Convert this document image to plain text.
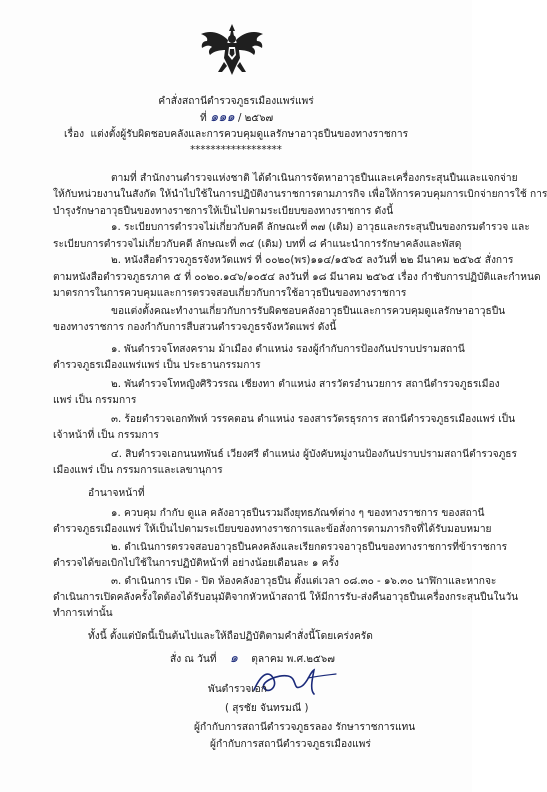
คำสั่งสถานีตำรวจภูธรเมืองแพร่แพร่
ที่ ๑๑๑ / ๒๕๖๗
เรื่อง แต่งตั้งผู้รับผิดชอบคลังและการควบคุมดูแลรักษาอาวุธปืนของทางราชการ
******************
ตามที่ สำนักงานตำรวจแห่งชาติ ได้ดำเนินการจัดหาอาวุธปืนและเครื่องกระสุนปืนและแจกจ่าย
ให้กับหน่วยงานในสังกัด ให้นำไปใช้ในการปฏิบัติงานราชการตามภารกิจ เพื่อให้การควบคุมการเบิกจ่ายการใช้ การ
บำรุงรักษาอาวุธปืนของทางราชการให้เป็นไปตามระเบียบของทางราชการ ดังนี้
๑. ระเบียบการตำรวจไม่เกี่ยวกับคดี ลักษณะที่ ๓๗ (เดิม) อาวุธและกระสุนปืนของกรมตำรวจ และ
ระเบียบการตำรวจไม่เกี่ยวกับคดี ลักษณะที่ ๓๔ (เดิม) บทที่ ๘ คำแนะนำการรักษาคลังและพัสดุ
๒. หนังสือตำรวจภูธรจังหวัดแพร่ ที่ ๐๐๒๐(พร)๑๑๔/๑๕๖๕ ลงวันที่ ๒๒ มีนาคม ๒๕๖๕ สั่งการ
ตามหนังสือตำรวจภูธรภาค ๕ ที่ ๐๐๒๐.๑๔๖/๑๐๕๔ ลงวันที่ ๑๘ มีนาคม ๒๕๖๕ เรื่อง กำชับการปฏิบัติและกำหนด
มาตรการในการควบคุมและการตรวจสอบเกี่ยวกับการใช้อาวุธปืนของทางราชการ
ขอแต่งตั้งคณะทำงานเกี่ยวกับการรับผิดชอบคลังอาวุธปืนและการควบคุมดูแลรักษาอาวุธปืน
ของทางราชการ กองกำกับการสืบสวนตำรวจภูธรจังหวัดแพร่ ดังนี้
๑. พันตำรวจโทสงคราม ม้าเมือง ตำแหน่ง รองผู้กำกับการป้องกันปราบปรามสถานี
ตำรวจภูธรเมืองแพร่แพร่ เป็น ประธานกรรมการ
๒. พันตำรวจโทหญิงศิริวรรณ เชียงทา ตำแหน่ง สารวัตรอำนวยการ สถานีตำรวจภูธรเมือง
แพร่ เป็น กรรมการ
๓. ร้อยตำรวจเอกทัพห์ วรรคตอน ตำแหน่ง รองสารวัตรธุรการ สถานีตำรวจภูธรเมืองแพร่ เป็น
เจ้าหน้าที่ เป็น กรรมการ
๔. สิบตำรวจเอกนนทพันธ์ เวียงศรี ตำแหน่ง ผู้บังคับหมู่งานป้องกันปราบปรามสถานีตำรวจภูธร
เมืองแพร่ เป็น กรรมการและเลขานุการ
อำนาจหน้าที่
๑. ควบคุม กำกับ ดูแล คลังอาวุธปืนรวมถึงยุทธภัณฑ์ต่าง ๆ ของทางราชการ ของสถานี
ตำรวจภูธรเมืองแพร่ ให้เป็นไปตามระเบียบของทางราชการและข้อสั่งการตามภารกิจที่ได้รับมอบหมาย
๒. ดำเนินการตรวจสอบอาวุธปืนคงคลังและเรียกตรวจอาวุธปืนของทางราชการที่ข้าราชการ
ตำรวจได้ขอเบิกไปใช้ในการปฏิบัติหน้าที่ อย่างน้อยเดือนละ ๑ ครั้ง
๓. ดำเนินการ เปิด - ปิด ห้องคลังอาวุธปืน ตั้งแต่เวลา ๐๘.๓๐ - ๑๖.๓๐ นาฬิกาและหากจะ
ดำเนินการเปิดคลังครั้งใดต้องได้รับอนุมัติจากหัวหน้าสถานี ให้มีการรับ-ส่งคืนอาวุธปืนเครื่องกระสุนปืนในวัน
ทำการเท่านั้น
ทั้งนี้ ตั้งแต่บัดนี้เป็นต้นไปและให้ถือปฏิบัติตามคำสั่งนี้โดยเคร่งครัด
สั่ง ณ วันที่ ๑ ตุลาคม พ.ศ.๒๕๖๗
พันตำรวจเอก
( สุรชัย จันทรมณี )
ผู้กำกับการสถานีตำรวจภูธรลอง รักษาราชการแทน
ผู้กำกับการสถานีตำรวจภูธรเมืองแพร่
